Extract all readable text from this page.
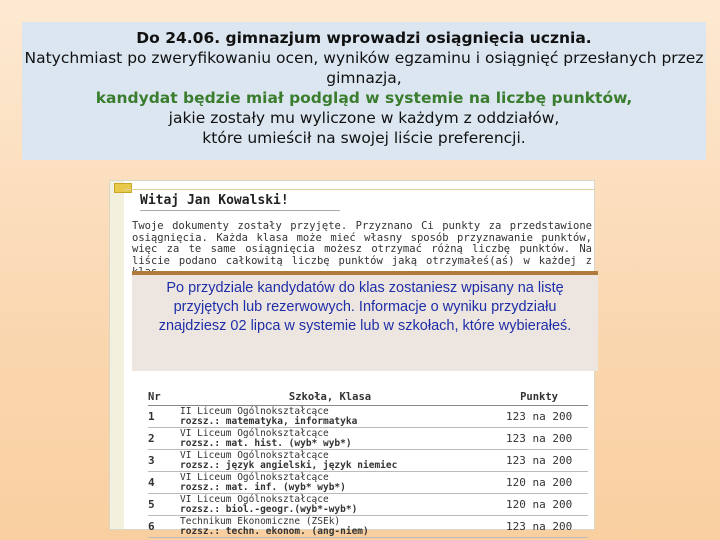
Do 24.06. gimnazjum wprowadzi osiągnięcia ucznia.
Natychmiast po zweryfikowaniu ocen, wyników egzaminu i osiągnięć przesłanych przez gimnazja,
kandydat będzie miał podgląd w systemie na liczbę punktów,
jakie zostały mu wyliczone w każdym z oddziałów,
które umieścił na swojej liście preferencji.
Witaj Jan Kowalski!
Twoje dokumenty zostały przyjęte. Przyznano Ci punkty za przedstawione osiągnięcia. Każda klasa może mieć własny sposób przyznawanie punktów, więc za te same osiągnięcia możesz otrzymać różną liczbę punktów. Na liście podano całkowitą liczbę punktów jaką otrzymałeś(aś) w każdej z
Po przydziale kandydatów do klas zostaniesz wpisany na listę przyjętych lub rezerwowych. Informacje o wyniku przydziału znajdziesz 02 lipca w systemie lub w szkołach, które wybierałeś.
Nr	Szkoła, Klasa	Punkty
1	II Liceum Ogólnokształcące
rozsz.: matematyka, informatyka	123 na 200
2	VI Liceum Ogólnokształcące
rozsz.: mat. hist. (wyb* wyb*)	123 na 200
3	VI Liceum Ogólnokształcące
rozsz.: język angielski, język niemiec	123 na 200
4	VI Liceum Ogólnokształcące
rozsz.: mat. inf. (wyb* wyb*)	120 na 200
5	VI Liceum Ogólnokształcące
rozsz.: biol.-geogr.(wyb*-wyb*)	120 na 200
6	Technikum Ekonomiczne (ZSEk)
rozsz.: techn. ekonom. (ang-niem)	123 na 200
